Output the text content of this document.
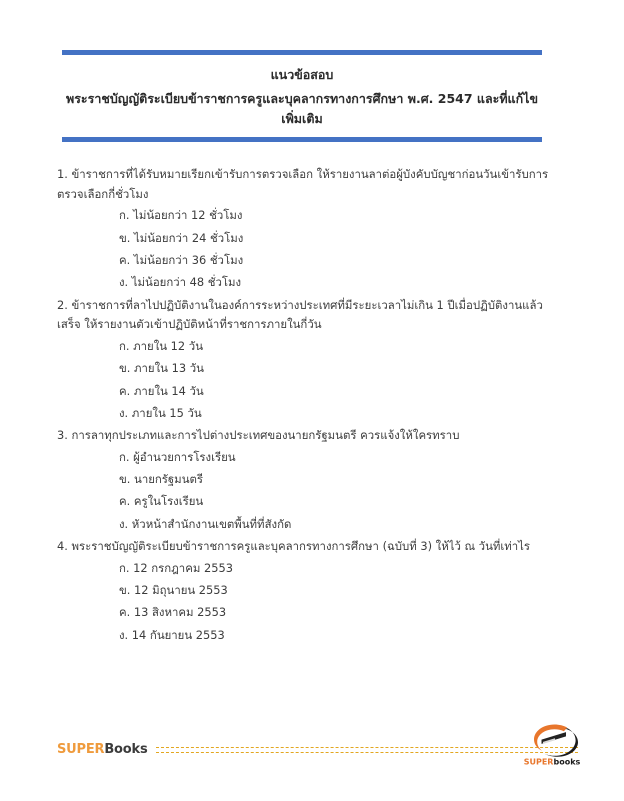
แนวข้อสอบ
พระราชบัญญัติระเบียบข้าราชการครูและบุคลากรทางการศึกษา พ.ศ. 2547 และที่แก้ไขเพิ่มเติม
1. ข้าราชการที่ได้รับหมายเรียกเข้ารับการตรวจเลือก ให้รายงานลาต่อผู้บังคับบัญชาก่อนวันเข้ารับการตรวจเลือกกี่ชั่วโมง
ก. ไม่น้อยกว่า 12 ชั่วโมง
ข. ไม่น้อยกว่า 24 ชั่วโมง
ค. ไม่น้อยกว่า 36 ชั่วโมง
ง. ไม่น้อยกว่า 48 ชั่วโมง
2. ข้าราชการที่ลาไปปฏิบัติงานในองค์การระหว่างประเทศที่มีระยะเวลาไม่เกิน 1 ปีเมื่อปฏิบัติงานแล้วเสร็จ ให้รายงานตัวเข้าปฏิบัติหน้าที่ราชการภายในกี่วัน
ก. ภายใน 12 วัน
ข. ภายใน 13 วัน
ค. ภายใน 14 วัน
ง. ภายใน 15 วัน
3. การลาทุกประเภทและการไปต่างประเทศของนายกรัฐมนตรี ควรแจ้งให้ใครทราบ
ก. ผู้อำนวยการโรงเรียน
ข. นายกรัฐมนตรี
ค. ครูในโรงเรียน
ง. หัวหน้าสำนักงานเขตพื้นที่ที่สังกัด
4. พระราชบัญญัติระเบียบข้าราชการครูและบุคลากรทางการศึกษา (ฉบับที่ 3) ให้ไว้ ณ วันที่เท่าไร
ก. 12 กรกฎาคม 2553
ข. 12 มิถุนายน 2553
ค. 13 สิงหาคม 2553
ง. 14 กันยายน 2553
SUPERBooks
SUPERbooks
